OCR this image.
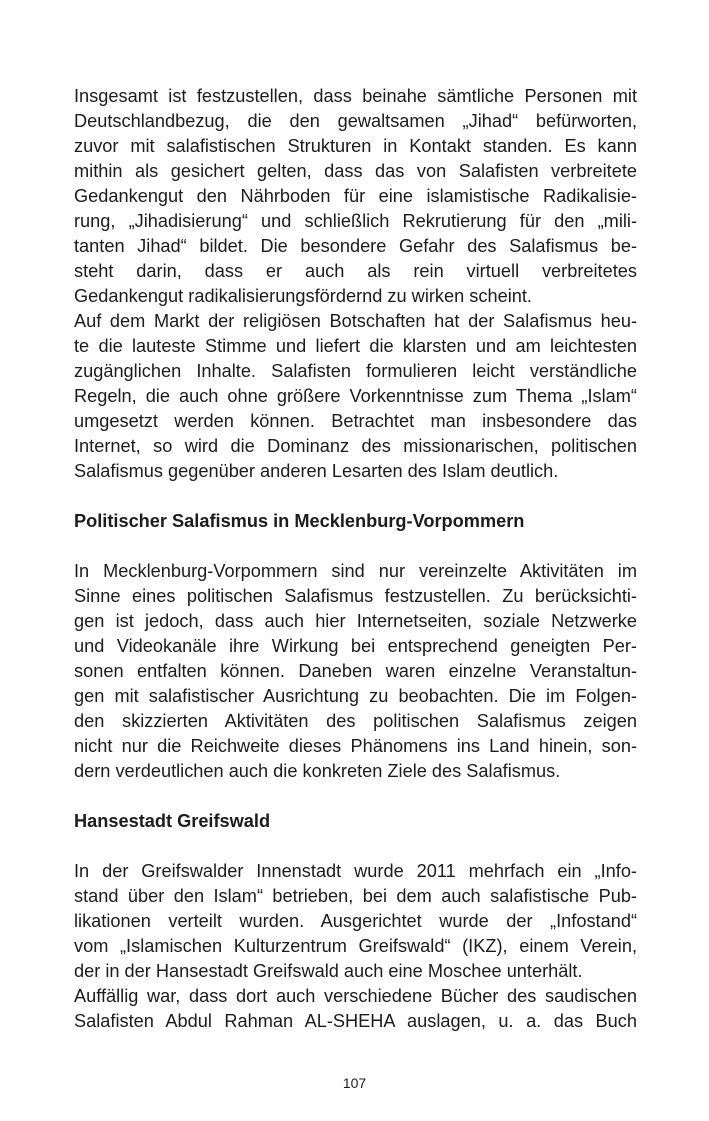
Insgesamt ist festzustellen, dass beinahe sämtliche Personen mit
Deutschlandbezug, die den gewaltsamen „Jihad“ befürworten,
zuvor mit salafistischen Strukturen in Kontakt standen. Es kann
mithin als gesichert gelten, dass das von Salafisten verbreitete
Gedankengut den Nährboden für eine islamistische Radikalisie-
rung, „Jihadisierung“ und schließlich Rekrutierung für den „mili-
tanten Jihad“ bildet. Die besondere Gefahr des Salafismus be-
steht darin, dass er auch als rein virtuell verbreitetes
Gedankengut radikalisierungsfördernd zu wirken scheint.
Auf dem Markt der religiösen Botschaften hat der Salafismus heu-
te die lauteste Stimme und liefert die klarsten und am leichtesten
zugänglichen Inhalte. Salafisten formulieren leicht verständliche
Regeln, die auch ohne größere Vorkenntnisse zum Thema „Islam“
umgesetzt werden können. Betrachtet man insbesondere das
Internet, so wird die Dominanz des missionarischen, politischen
Salafismus gegenüber anderen Lesarten des Islam deutlich.
Politischer Salafismus in Mecklenburg-Vorpommern
In Mecklenburg-Vorpommern sind nur vereinzelte Aktivitäten im
Sinne eines politischen Salafismus festzustellen. Zu berücksichti-
gen ist jedoch, dass auch hier Internetseiten, soziale Netzwerke
und Videokanäle ihre Wirkung bei entsprechend geneigten Per-
sonen entfalten können. Daneben waren einzelne Veranstaltun-
gen mit salafistischer Ausrichtung zu beobachten. Die im Folgen-
den skizzierten Aktivitäten des politischen Salafismus zeigen
nicht nur die Reichweite dieses Phänomens ins Land hinein, son-
dern verdeutlichen auch die konkreten Ziele des Salafismus.
Hansestadt Greifswald
In der Greifswalder Innenstadt wurde 2011 mehrfach ein „Info-
stand über den Islam“ betrieben, bei dem auch salafistische Pub-
likationen verteilt wurden. Ausgerichtet wurde der „Infostand“
vom „Islamischen Kulturzentrum Greifswald“ (IKZ), einem Verein,
der in der Hansestadt Greifswald auch eine Moschee unterhält.
Auffällig war, dass dort auch verschiedene Bücher des saudischen
Salafisten Abdul Rahman AL-SHEHA auslagen, u. a. das Buch
107
